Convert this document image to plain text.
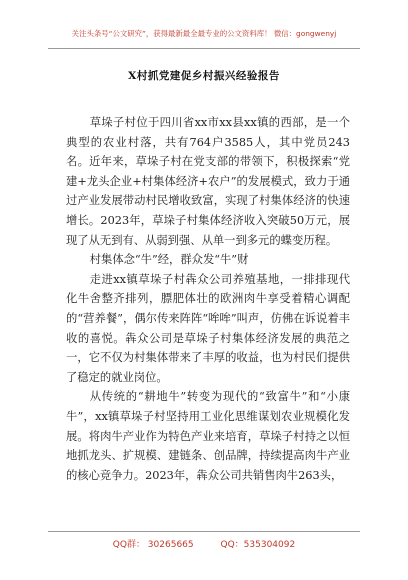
关注头条号“公文研究”，获得最新最全最专业的公文资料库！ 微信：gongwenyj
X村抓党建促乡村振兴经验报告

草垛子村位于四川省xx市xx县xx镇的西部，是一个典型的农业村落，共有764户3585人，其中党员243名。近年来，草垛子村在党支部的带领下，积极探索“党建+龙头企业+村集体经济+农户”的发展模式，致力于通过产业发展带动村民增收致富，实现了村集体经济的快速增长。2023年，草垛子村集体经济收入突破50万元，展现了从无到有、从弱到强、从单一到多元的蝶变历程。

村集体念“牛”经，群众发“牛”财

走进xx镇草垛子村犇众公司养殖基地，一排排现代化牛舍整齐排列，膘肥体壮的欧洲肉牛享受着精心调配的“营养餐”，偶尔传来阵阵“哞哞”叫声，仿佛在诉说着丰收的喜悦。犇众公司是草垛子村集体经济发展的典范之一，它不仅为村集体带来了丰厚的收益，也为村民们提供了稳定的就业岗位。

从传统的“耕地牛”转变为现代的“致富牛”和“小康牛”，xx镇草垛子村坚持用工业化思维谋划农业规模化发展。将肉牛产业作为特色产业来培育，草垛子村持之以恒地抓龙头、扩规模、建链条、创品牌，持续提高肉牛产业的核心竞争力。2023年，犇众公司共销售肉牛263头，

QQ群： 30265665	QQ：535304092
